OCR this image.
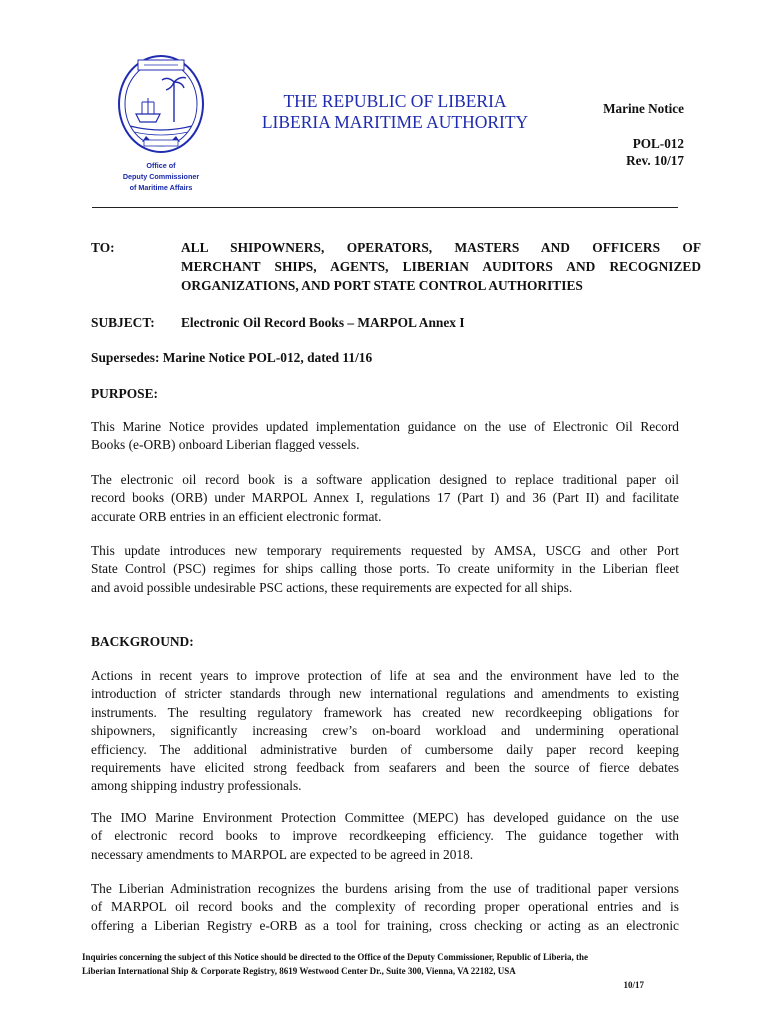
Office of
Deputy Commissioner
of Maritime Affairs
THE REPUBLIC OF LIBERIA
LIBERIA MARITIME AUTHORITY
Marine Notice
POL-012
Rev. 10/17
TO:	ALL SHIPOWNERS, OPERATORS, MASTERS AND OFFICERS OF
MERCHANT SHIPS, AGENTS, LIBERIAN AUDITORS AND RECOGNIZED
ORGANIZATIONS, AND PORT STATE CONTROL AUTHORITIES
SUBJECT: Electronic Oil Record Books – MARPOL Annex I
Supersedes: Marine Notice POL-012, dated 11/16
PURPOSE:
This Marine Notice provides updated implementation guidance on the use of Electronic Oil Record
Books (e-ORB) onboard Liberian flagged vessels.
The electronic oil record book is a software application designed to replace traditional paper oil
record books (ORB) under MARPOL Annex I, regulations 17 (Part I) and 36 (Part II) and facilitate
accurate ORB entries in an efficient electronic format.
This update introduces new temporary requirements requested by AMSA, USCG and other Port
State Control (PSC) regimes for ships calling those ports. To create uniformity in the Liberian fleet
and avoid possible undesirable PSC actions, these requirements are expected for all ships.
BACKGROUND:
Actions in recent years to improve protection of life at sea and the environment have led to the
introduction of stricter standards through new international regulations and amendments to existing
instruments. The resulting regulatory framework has created new recordkeeping obligations for
shipowners, significantly increasing crew’s on-board workload and undermining operational
efficiency. The additional administrative burden of cumbersome daily paper record keeping
requirements have elicited strong feedback from seafarers and been the source of fierce debates
among shipping industry professionals.
The IMO Marine Environment Protection Committee (MEPC) has developed guidance on the use
of electronic record books to improve recordkeeping efficiency. The guidance together with
necessary amendments to MARPOL are expected to be agreed in 2018.
The Liberian Administration recognizes the burdens arising from the use of traditional paper versions
of MARPOL oil record books and the complexity of recording proper operational entries and is
offering a Liberian Registry e-ORB as a tool for training, cross checking or acting as an electronic
Inquiries concerning the subject of this Notice should be directed to the Office of the Deputy Commissioner, Republic of Liberia, the
Liberian International Ship & Corporate Registry, 8619 Westwood Center Dr., Suite 300, Vienna, VA 22182, USA
10/17
